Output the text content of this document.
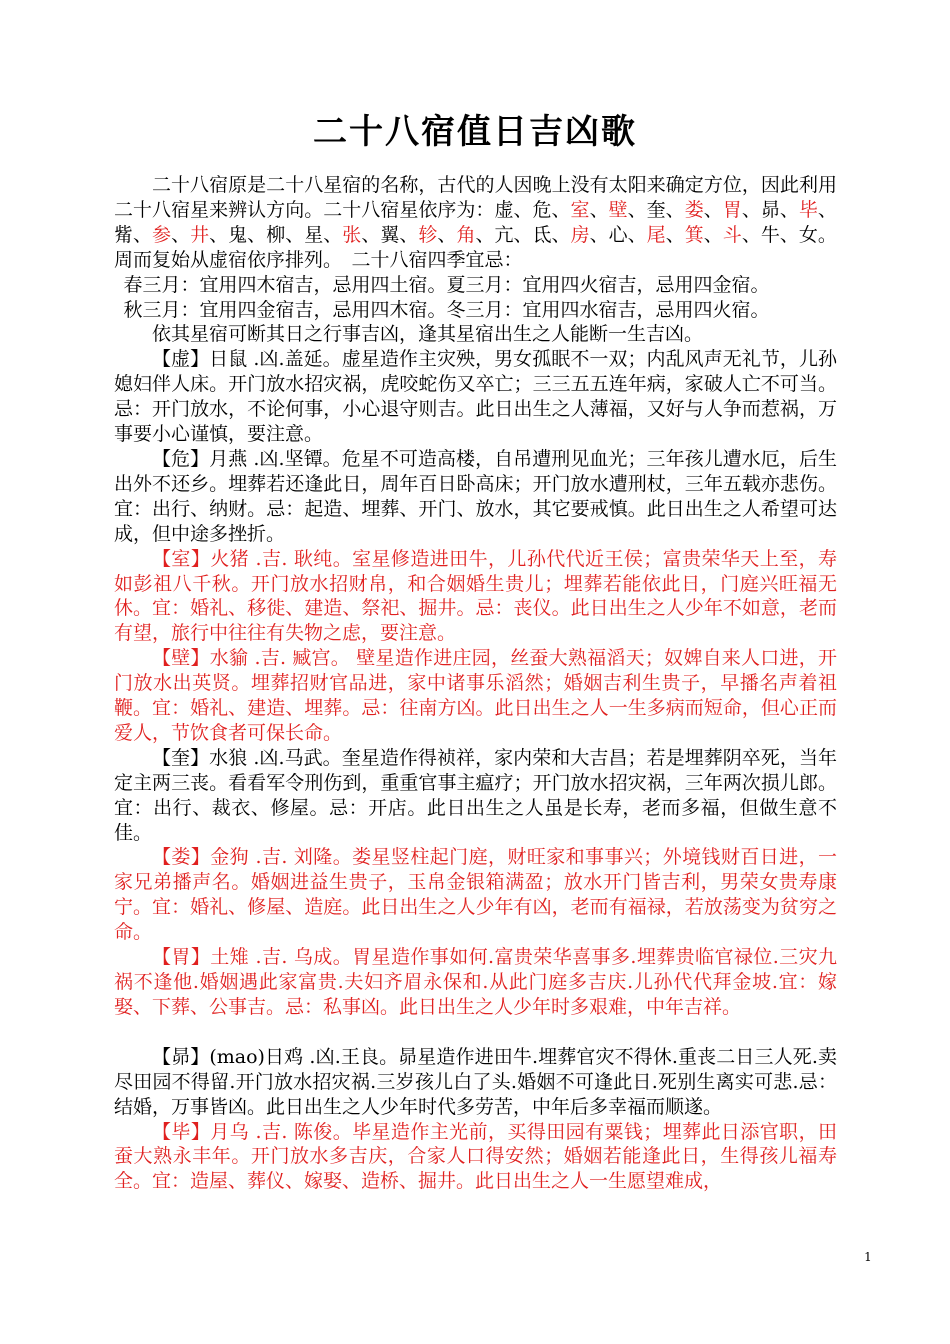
二十八宿值日吉凶歌

二十八宿原是二十八星宿的名称，古代的人因晚上没有太阳来确定方位，因此利用二十八宿星来辨认方向。二十八宿星依序为：虚、危、室、壁、奎、娄、胃、昴、毕、觜、参、井、鬼、柳、星、张、翼、轸、角、亢、氐、房、心、尾、箕、斗、牛、女。周而复始从虚宿依序排列。　二十八宿四季宜忌：

春三月：宜用四木宿吉，忌用四土宿。夏三月：宜用四火宿吉，忌用四金宿。

秋三月：宜用四金宿吉，忌用四木宿。冬三月：宜用四水宿吉，忌用四火宿。

依其星宿可断其日之行事吉凶，逢其星宿出生之人能断一生吉凶。

【虚】日鼠 .凶.盖延。虚星造作主灾殃，男女孤眠不一双；内乱风声无礼节，儿孙媳妇伴人床。开门放水招灾祸，虎咬蛇伤又卒亡；三三五五连年病，家破人亡不可当。忌：开门放水，不论何事，小心退守则吉。此日出生之人薄福，又好与人争而惹祸，万事要小心谨慎，要注意。

【危】月燕 .凶.坚镡。危星不可造高楼，自吊遭刑见血光；三年孩儿遭水厄，后生出外不还乡。埋葬若还逢此日，周年百日卧高床；开门放水遭刑杖，三年五载亦悲伤。宜：出行、纳财。忌：起造、埋葬、开门、放水，其它要戒慎。此日出生之人希望可达成，但中途多挫折。

【室】火猪 .吉. 耿纯。室星修造进田牛，儿孙代代近王侯；富贵荣华天上至，寿如彭祖八千秋。开门放水招财帛，和合姻婚生贵儿；埋葬若能依此日，门庭兴旺福无休。宜：婚礼、移徙、建造、祭祀、掘井。忌：丧仪。此日出生之人少年不如意，老而有望，旅行中往往有失物之虑，要注意。

【壁】水貐 .吉. 臧宫。 壁星造作进庄园，丝蚕大熟福滔天；奴婢自来人口进，开门放水出英贤。埋葬招财官品进，家中诸事乐滔然；婚姻吉利生贵子，早播名声着祖鞭。宜：婚礼、建造、埋葬。忌：往南方凶。此日出生之人一生多病而短命，但心正而爱人，节饮食者可保长命。

【奎】水狼 .凶.马武。奎星造作得祯祥，家内荣和大吉昌；若是埋葬阴卒死，当年定主两三丧。看看军令刑伤到，重重官事主瘟疗；开门放水招灾祸，三年两次损儿郎。宜：出行、裁衣、修屋。忌：开店。此日出生之人虽是长寿，老而多福，但做生意不佳。

【娄】金狗 .吉. 刘隆。娄星竖柱起门庭，财旺家和事事兴；外境钱财百日进，一家兄弟播声名。婚姻进益生贵子，玉帛金银箱满盈；放水开门皆吉利，男荣女贵寿康宁。宜：婚礼、修屋、造庭。此日出生之人少年有凶，老而有福禄，若放荡变为贫穷之命。

【胃】土雉 .吉. 乌成。胃星造作事如何.富贵荣华喜事多.埋葬贵临官禄位.三灾九祸不逢他.婚姻遇此家富贵.夫妇齐眉永保和.从此门庭多吉庆.儿孙代代拜金坡.宜：嫁娶、下葬、公事吉。忌：私事凶。此日出生之人少年时多艰难，中年吉祥。

【昴】(mao)日鸡 .凶.王良。昴星造作进田牛.埋葬官灾不得休.重丧二日三人死.卖尽田园不得留.开门放水招灾祸.三岁孩儿白了头.婚姻不可逢此日.死别生离实可悲.忌：结婚，万事皆凶。此日出生之人少年时代多劳苦，中年后多幸福而顺遂。

【毕】月乌 .吉. 陈俊。毕星造作主光前，买得田园有粟钱；埋葬此日添官职，田蚕大熟永丰年。开门放水多吉庆，合家人口得安然；婚姻若能逢此日，生得孩儿福寿全。宜：造屋、葬仪、嫁娶、造桥、掘井。此日出生之人一生愿望难成，

1
